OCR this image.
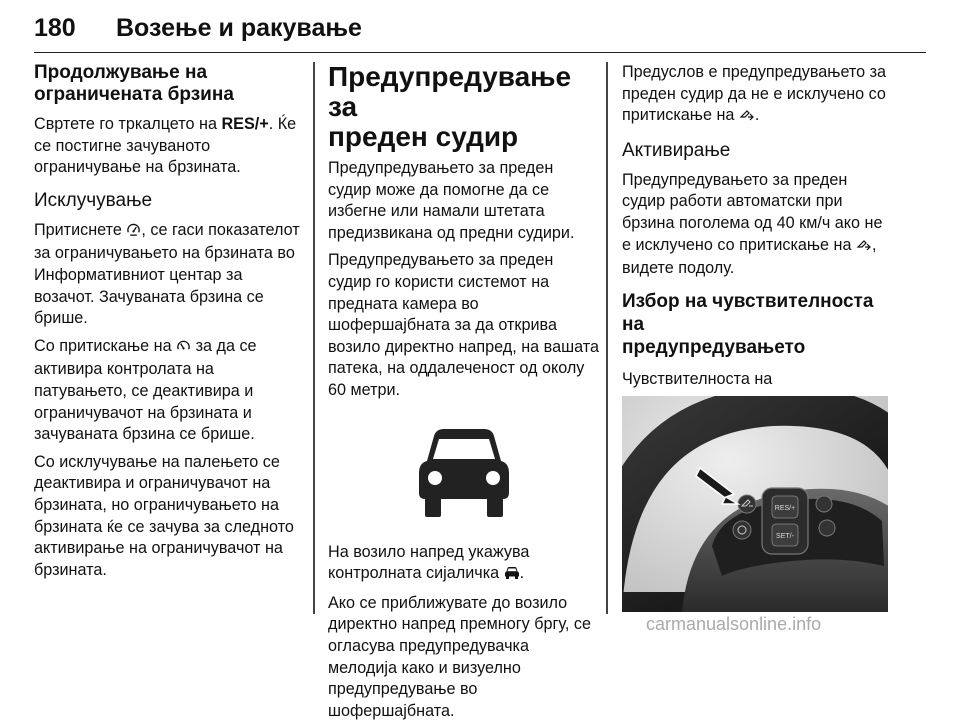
180 Возење и ракување
Продолжување на
ограничената брзина

Свртете го тркалцето на RES/+. Ќе се постигне зачуваното ограничување на брзината.

Исклучување

Притиснете , се гаси показателот за ограничувањето на брзината во Информативниот центар за возачот. Зачуваната брзина се брише.

Со притискање на  за да се активира контролата на патувањето, се деактивира и ограничувачот на брзината и зачуваната брзина се брише.

Со исклучување на палењето се деактивира и ограничувачот на брзината, но ограничувањето на брзината ќе се зачува за следното активирање на ограничувачот на брзината.

Предупредување за
преден судир

Предупредувањето за преден судир може да помогне да се избегне или намали штетата предизвикана од предни судири.

Предупредувањето за преден судир го користи системот на предната камера во шофершајбната за да открива возило директно напред, на вашата патека, на оддалеченост од околу 60 метри.

На возило напред укажува контролната сијаличка .

Ако се приближувате до возило директно напред премногу бргу, се огласува предупредувачка мелодија како и визуелно предупредување во шофершајбната.

Предуслов е предупредувањето за преден судир да не е исклучено со притискање на .

Активирање

Предупредувањето за преден судир работи автоматски при брзина поголема од 40 км/ч ако не е исклучено со притискање на , видете подолу.

Избор на чувствителноста на
предупредувањето

Чувствителноста на

RES/+
SET/-
carmanualsonline.info
